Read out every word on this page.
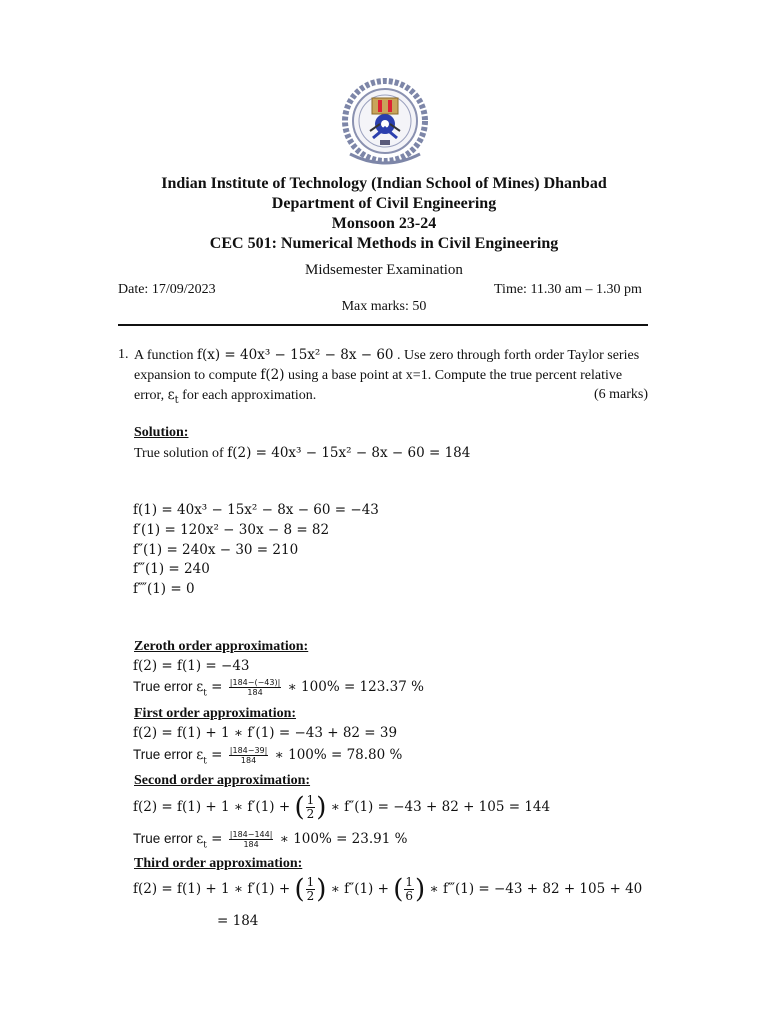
Indian Institute of Technology (Indian School of Mines) Dhanbad
Department of Civil Engineering
Monsoon 23-24
CEC 501: Numerical Methods in Civil Engineering
Midsemester Examination
Date: 17/09/2023	Time: 11.30 am – 1.30 pm
Max marks: 50
1. A function f(x) = 40x³ − 15x² − 8x − 60 . Use zero through forth order Taylor series
expansion to compute f(2) using a base point at x=1. Compute the true percent relative
error, $\varepsilon_t$ for each approximation.	(6 marks)
Solution:
True solution of f(2) = 40x³ − 15x² − 8x − 60 = 184
f(1) = 40x³ − 15x² − 8x − 60 = −43
f′(1) = 120x² − 30x − 8 = 82
f″(1) = 240x − 30 = 210
f‴(1) = 240
f⁗(1) = 0
Zeroth order approximation:
f(2) = f(1) = −43
True error $\varepsilon_t = \frac{|184-(-43)|}{184}$ ∗ 100% = 123.37 %
First order approximation:
f(2) = f(1) + 1 ∗ f′(1) = −43 + 82 = 39
True error $\varepsilon_t = \frac{|184-39|}{184}$ ∗ 100% = 78.80 %
Second order approximation:
f(2) = f(1) + 1 ∗ f′(1) + ( $\frac{1}{2}$ ) ∗ f″(1) = −43 + 82 + 105 = 144
True error $\varepsilon_t = \frac{|184-144|}{184}$ ∗ 100% = 23.91 %
Third order approximation:
f(2) = f(1) + 1 ∗ f′(1) + ( $\frac{1}{2}$ ) ∗ f″(1) + ( $\frac{1}{6}$ ) ∗ f‴(1) = −43 + 82 + 105 + 40
= 184
